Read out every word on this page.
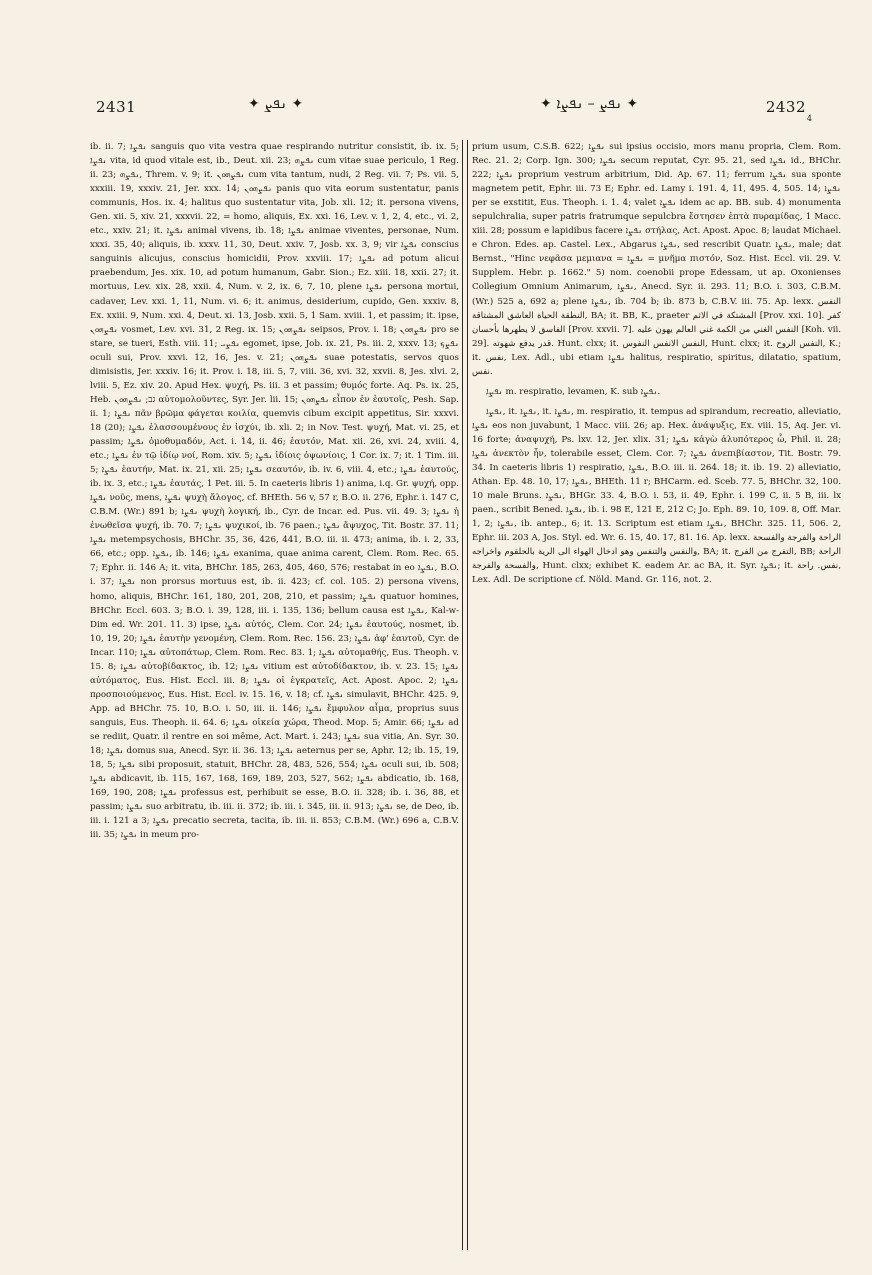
2431	✦ ܢܦܨ ✦	✦ ܢܦܨ – ܢܦܨܐ ✦	2432
4

ib. ii. 7; ܢܦܨܐ sanguis quo vita vestra quae respirando nutritur consistit, ib. ix. 5; ܢܦܨܐ vita, id quod vitale est, ib., Deut. xii. 23; ܢܦܨܗ cum vitae suae periculo, 1 Reg. ii. 23; ܢܦܨܗ, Threm. v. 9; it. ܢܦܨܗܘܢ cum vita tantum, nudi, 2 Reg. vii. 7; Ps. vii. 5, xxxiii. 19, xxxiv. 21, Jer. xxx. 14; ܢܦܨܗܘܢ panis quo vita eorum sustentatur, panis communis, Hos. ix. 4; halitus quo sustentatur vita, Job. xli. 12; it. persona vivens, Gen. xii. 5, xiv. 21, xxxvii. 22, = homo, aliquis, Ex. xxi. 16, Lev. v. 1, 2, 4, etc., vi. 2, etc., xxiv. 21; it. ܢܦܨܐ animal vivens, ib. 18; ܢܦܨܐ animae viventes, personae, Num. xxxi. 35, 40; aliquis, ib. xxxv. 11, 30, Deut. xxiv. 7, Josb. xx. 3, 9; vir ܢܦܨܐ conscius sanguinis alicujus, conscius homicidii, Prov. xxviii. 17; ܢܦܨܐ ad potum alicui praebendum, Jes. xix. 10, ad potum humanum, Gabr. Sion.; Ez. xiii. 18, xxii. 27; it. mortuus, Lev. xix. 28, xxii. 4, Num. v. 2, ix. 6, 7, 10, plene ܢܦܨܐ persona mortui, cadaver, Lev. xxi. 1, 11, Num. vi. 6; it. animus, desiderium, cupido, Gen. xxxiv. 8, Ex. xxiii. 9, Num. xxi. 4, Deut. xi. 13, Josb. xxii. 5, 1 Sam. xviii. 1, et passim; it. ipse, ܢܦܨܗܘܢ vosmet, Lev. xvi. 31, 2 Reg. ix. 15; ܢܦܨܗܘܢ seipsos, Prov. i. 18; ܢܦܨܗܘܢ pro se stare, se tueri, Esth. viii. 11; ܢܦܨܝ egomet, ipse, Job. ix. 21, Ps. iii. 2, xxxv. 13; ܢܦܨܟ oculi sui, Prov. xxvi. 12, 16, Jes. v. 21; ܢܦܨܗܘܢ suae potestatis, servos quos dimisistis, Jer. xxxiv. 16; it. Prov. i. 18, iii. 5, 7, viii. 36, xvi. 32, xxvii. 8, Jes. xlvi. 2, lviii. 5, Ez. xiv. 20. Apud Hex. ψυχή, Ps. iii. 3 et passim; θυμός forte. Aq. Ps. ix. 25, Heb. גב; ܢܦܨܗܘܢ αὐτομολοῦντες, Syr. Jer. lii. 15; ܢܦܨܗܘܢ εἶπον ἐν ἑαυτοῖς, Pesh. Sap. ii. 1; ܢܦܨܐ πᾶν βρῶμα φάγεται κοιλία, quemvis cibum excipit appetitus, Sir. xxxvi. 18 (20); ܢܦܨܐ ἐλασσουμένους ἐν ἰσχύι, ib. xli. 2; in Nov. Test. ψυχή, Mat. vi. 25, et passim; ܢܦܨܐ ὁμοθυμαδόν, Act. i. 14, ii. 46; ἑαυτόν, Mat. xii. 26, xvi. 24, xviii. 4, etc.; ܢܦܨܐ ἐν τῷ ἰδίῳ νοί, Rom. xiv. 5; ܢܦܨܐ ἰδίοις ὀψωνίοις, 1 Cor. ix. 7; it. 1 Tim. iii. 5; ܢܦܨܐ ἑαυτήν, Mat. ix. 21, xii. 25; ܢܦܨܐ σεαυτόν, ib. iv. 6, viii. 4, etc.; ܢܦܨܐ ἑαυτούς, ib. ix. 3, etc.; ܢܦܨܐ ἑαυτάς, 1 Pet. iii. 5. In caeteris libris 1) anima, i.q. Gr. ψυχή, opp. ܢܦܨܐ νοῦς, mens, ܢܦܨܐ ψυχὴ ἄλογος, cf. BHEth. 56 v, 57 r, B.O. ii. 276, Ephr. i. 147 C, C.B.M. (Wr.) 891 b; ܢܦܨܐ ψυχὴ λογική, ib., Cyr. de Incar. ed. Pus. vii. 49. 3; ܢܦܨܐ ἡ ἐνωθεῖσα ψυχή, ib. 70. 7; ܢܦܨܐ ψυχικοί, ib. 76 paen.; ܢܦܨܐ ἄψυχος, Tit. Bostr. 37. 11; ܢܦܨܐ metempsychosis, BHChr. 35, 36, 426, 441, B.O. iii. ii. 473; anima, ib. i. 2, 33, 66, etc.; opp. ܢܦܨܐ, ib. 146; ܢܦܨܐ exanima, quae anima carent, Clem. Rom. Rec. 65. 7; Ephr. ii. 146 A; it. vita, BHChr. 185, 263, 405, 460, 576; restabat in eo ܢܦܨܐ, B.O. i. 37; ܢܦܨܐ non prorsus mortuus est, ib. ii. 423; cf. col. 105. 2) persona vivens, homo, aliquis, BHChr. 161, 180, 201, 208, 210, et passim; ܢܦܨܐ quatuor homines, BHChr. Eccl. 603. 3; B.O. i. 39, 128, iii. i. 135, 136; bellum causa est ܢܦܨܐ, Kal-w-Dim ed. Wr. 201. 11. 3) ipse, ܢܦܨܐ αὐτός, Clem. Cor. 24; ܢܦܨܐ ἑαυτούς, nosmet, ib. 10, 19, 20; ܢܦܨܐ ἑαυτὴν γενομένη, Clem. Rom. Rec. 156. 23; ܢܦܨܐ ἀφ' ἑαυτοῦ, Cyr. de Incar. 110; ܢܦܨܐ αὐτοπάτωρ, Clem. Rom. Rec. 83. 1; ܢܦܨܐ αὐτομαθής, Eus. Theoph. v. 15. 8; ܢܦܨܐ αὐτοβίδακτος, ib. 12; ܢܦܨܐ vitium est αὐτοδίδακτον, ib. v. 23. 15; ܢܦܨܐ αὐτόματος, Eus. Hist. Eccl. iii. 8; ܢܦܨܐ οἱ ἐγκρατεῖς, Act. Apost. Apoc. 2; ܢܦܨܐ προσποιούμενος, Eus. Hist. Eccl. iv. 15. 16, v. 18; cf. ܢܦܨܐ simulavit, BHChr. 425. 9, App. ad BHChr. 75. 10, B.O. i. 50, iii. ii. 146; ܢܦܨܐ ἔμφυλον αἷμα, proprius suus sanguis, Eus. Theoph. ii. 64. 6; ܢܦܨܐ οἰκεία χώρα, Theod. Mop. 5; Amir. 66; ܢܦܨܐ ad se rediit, Quatr. il rentre en soi même, Act. Mart. i. 243; ܢܦܨܐ sua vitia, An. Syr. 30. 18; ܢܦܨܐ domus sua, Anecd. Syr. ii. 36. 13; ܢܦܨܐ aeternus per se, Aphr. 12; ib. 15, 19, 18, 5; ܢܦܨܐ sibi proposuit, statuit, BHChr. 28, 483, 526, 554; ܢܦܨܐ oculi sui, ib. 508; ܢܦܨܐ abdicavit, ib. 115, 167, 168, 169, 189, 203, 527, 562; ܢܦܨܐ abdicatio, ib. 168, 169, 190, 208; ܢܦܨܐ professus est, perhibuit se esse, B.O. ii. 328; ib. i. 36, 88, et passim; ܢܦܨܐ suo arbitratu, ib. iii. ii. 372; ib. iii. i. 345, iii. ii. 913; ܢܦܨܐ se, de Deo, ib. iii. i. 121 a 3; ܢܦܨܐ precatio secreta, tacita, ib. iii. ii. 853; C.B.M. (Wr.) 696 a, C.B.V. iii. 35; ܢܦܨܐ in meum pro-

prium usum, C.S.B. 622; ܢܦܨܐ sui ipsius occisio, mors manu propria, Clem. Rom. Rec. 21. 2; Corp. Ign. 300; ܢܦܨܐ secum reputat, Cyr. 95. 21, sed ܢܦܨܐ id., BHChr. 222; ܢܦܨܐ proprium vestrum arbitrium, Did. Ap. 67. 11; ferrum ܢܦܨܐ sua sponte magnetem petit, Ephr. iii. 73 E; Ephr. ed. Lamy i. 191. 4, 11, 495. 4, 505. 14; ܢܦܨܐ per se exstitit, Eus. Theoph. i. 1. 4; valet ܢܦܨܐ idem ac ap. BB. sub. 4) monumenta sepulchralia, super patris fratrumque sepulcbra ἔστησεν ἑπτὰ πυραμίδας, 1 Macc. xiii. 28; possum e lapidibus facere ܢܦܨܐ στήλας, Act. Apost. Apoc. 8; laudat Michael. e Chron. Edes. ap. Castel. Lex., Abgarus ܢܦܨܐ, sed rescribit Quatr. ܢܦܨܐ, male; dat Bernst., "Hinc νεφᾶσα μεμιανα = ܢܦܨܐ = μνῆμα πιστόν, Soz. Hist. Eccl. vii. 29. V. Supplem. Hebr. p. 1662." 5) nom. coenobii prope Edessam, ut ap. Oxonienses Collegium Omnium Animarum, ܢܦܨܐ, Anecd. Syr. ii. 293. 11; B.O. i. 303, C.B.M. (Wr.) 525 a, 692 a; plene ܢܦܨܐ, ib. 704 b; ib. 873 b, C.B.V. iii. 75. Ap. lexx. النفس النطقة الحياة العاشق المشتاقة, BA; it. BB, K., praeter المشتكة في الاثم [Prov. xxi. 10]. كفر الفاسق لا يطهرها بأحسان [Prov. xxvii. 7]. النفس الغني من الكمة غني العالم يهون عليه [Koh. vii. 29]. قدر يدفع شهوته. Hunt. clxx; it. النفس الانفس النفوس, Hunt. clxx; it. النفس الروح, K.; it. نفس, Lex. Adl., ubi etiam ܢܦܨܐ halitus, respiratio, spiritus, dilatatio, spatium, نفس.

ܢܦܨܐ m. respiratio, levamen, K. sub ܢܦܨܐ.

ܢܦܨܐ, it. ܢܦܨܐ, it. ܢܦܨܐ, m. respiratio, it. tempus ad spirandum, recreatio, alleviatio, ܢܦܨܐ eos non juvabunt, 1 Macc. viii. 26; ap. Hex. ἀνάψυξις, Ex. viii. 15, Aq. Jer. vi. 16 forte; ἀναψυχή, Ps. lxv. 12, Jer. xlix. 31; ܢܦܨܐ κἀγὼ ἀλυπότερος ὦ, Phil. ii. 28; ܢܦܨܐ ἀνεκτὸν ἦν, tolerabile esset, Clem. Cor. 7; ܢܦܨܐ ἀνεπιβίαστον, Tit. Bostr. 79. 34. In caeteris libris 1) respiratio, ܢܦܨܐ, B.O. iii. ii. 264. 18; it. ib. 19. 2) alleviatio, Athan. Ep. 48. 10, 17; ܢܦܨܐ, BHEth. 11 r; BHCarm. ed. Sceb. 77. 5, BHChr. 32, 100. 10 male Bruns. ܢܦܨܐ, BHGr. 33. 4, B.O. i. 53, ii. 49, Ephr. i. 199 C, ii. 5 B, iii. lx paen., scribit Bened. ܢܦܨܐ, ib. i. 98 E, 121 E, 212 C; Jo. Eph. 89. 10, 109. 8, Off. Mar. 1, 2; ܢܦܨܐ, ib. antep., 6; it. 13. Scriptum est etiam ܢܦܨܐ, BHChr. 325. 11, 506. 2, Ephr. iii. 203 A, Jos. Styl. ed. Wr. 6. 15, 40. 17, 81. 16. Ap. lexx. الراحة والفرجة والفسحة والنفس والتنفس وهو ادخال الهواء الى الرية بالحلقوم واخراجه, BA; it. التفرج من الفرج, BB; الراحة والفسحة والفرجة, Hunt. clxx; exhibet K. eadem Ar. ac BA, it. Syr. ܢܦܨܐ; it. نفس. راحة, Lex. Adl. De scriptione cf. Nöld. Mand. Gr. 116, not. 2.
